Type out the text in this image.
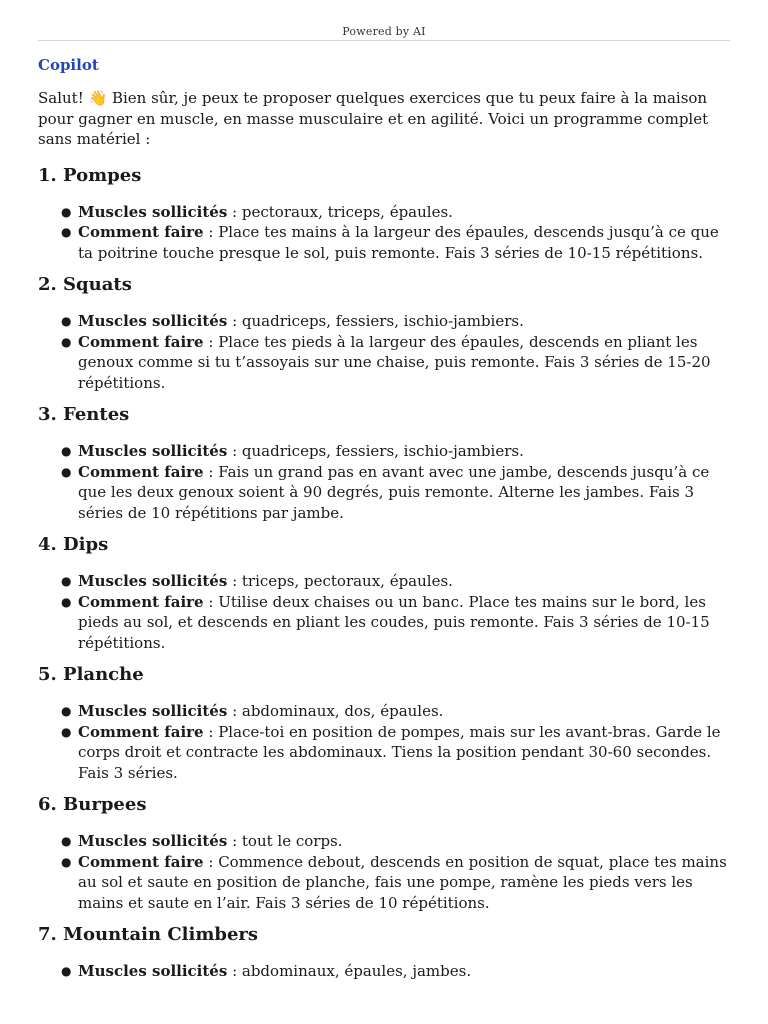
Powered by AI
Copilot

Salut! 👋 Bien sûr, je peux te proposer quelques exercices que tu peux faire à la maison pour gagner en muscle, en masse musculaire et en agilité. Voici un programme complet sans matériel :

1. Pompes
● Muscles sollicités : pectoraux, triceps, épaules.
● Comment faire : Place tes mains à la largeur des épaules, descends jusqu’à ce que ta poitrine touche presque le sol, puis remonte. Fais 3 séries de 10-15 répétitions.
2. Squats
● Muscles sollicités : quadriceps, fessiers, ischio-jambiers.
● Comment faire : Place tes pieds à la largeur des épaules, descends en pliant les genoux comme si tu t’assoyais sur une chaise, puis remonte. Fais 3 séries de 15-20 répétitions.
3. Fentes
● Muscles sollicités : quadriceps, fessiers, ischio-jambiers.
● Comment faire : Fais un grand pas en avant avec une jambe, descends jusqu’à ce que les deux genoux soient à 90 degrés, puis remonte. Alterne les jambes. Fais 3 séries de 10 répétitions par jambe.
4. Dips
● Muscles sollicités : triceps, pectoraux, épaules.
● Comment faire : Utilise deux chaises ou un banc. Place tes mains sur le bord, les pieds au sol, et descends en pliant les coudes, puis remonte. Fais 3 séries de 10-15 répétitions.
5. Planche
● Muscles sollicités : abdominaux, dos, épaules.
● Comment faire : Place-toi en position de pompes, mais sur les avant-bras. Garde le corps droit et contracte les abdominaux. Tiens la position pendant 30-60 secondes. Fais 3 séries.
6. Burpees
● Muscles sollicités : tout le corps.
● Comment faire : Commence debout, descends en position de squat, place tes mains au sol et saute en position de planche, fais une pompe, ramène les pieds vers les mains et saute en l’air. Fais 3 séries de 10 répétitions.
7. Mountain Climbers
● Muscles sollicités : abdominaux, épaules, jambes.
